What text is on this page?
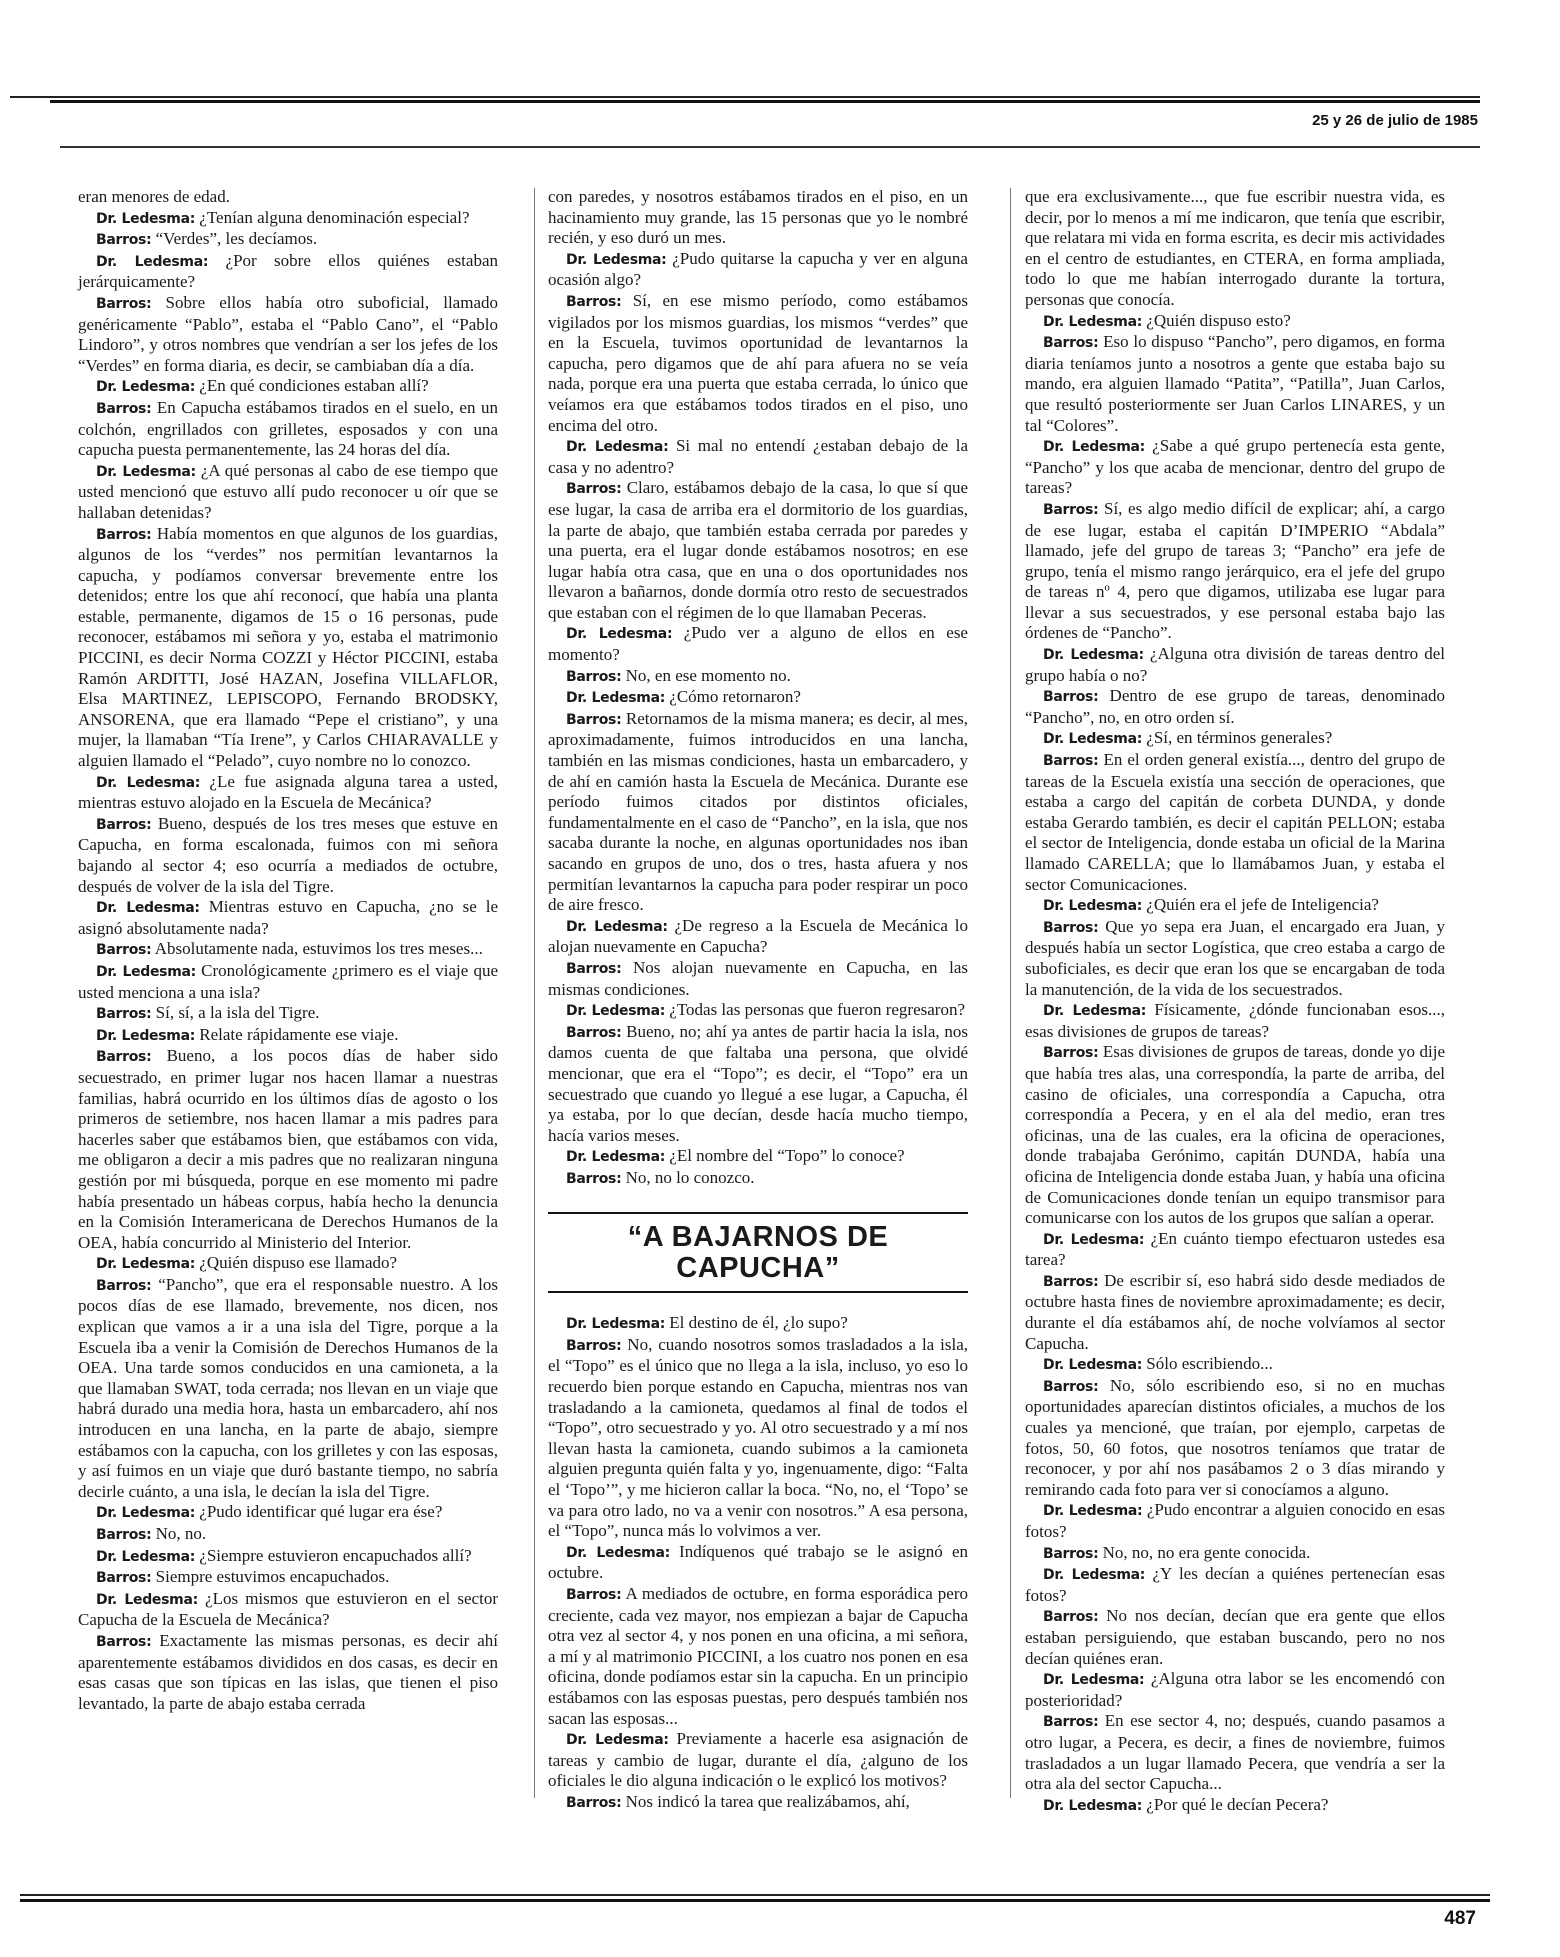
25 y 26 de julio de 1985

eran menores de edad.

Dr. Ledesma: ¿Tenían alguna denominación especial?

Barros: “Verdes”, les decíamos.

Dr. Ledesma: ¿Por sobre ellos quiénes estaban jerárquicamente?

Barros: Sobre ellos había otro suboficial, llamado genéricamente “Pablo”, estaba el “Pablo Cano”, el “Pablo Lindoro”, y otros nombres que vendrían a ser los jefes de los “Verdes” en forma diaria, es decir, se cambiaban día a día.

Dr. Ledesma: ¿En qué condiciones estaban allí?

Barros: En Capucha estábamos tirados en el suelo, en un colchón, engrillados con grilletes, esposados y con una capucha puesta permanentemente, las 24 horas del día.

Dr. Ledesma: ¿A qué personas al cabo de ese tiempo que usted mencionó que estuvo allí pudo reconocer u oír que se hallaban detenidas?

Barros: Había momentos en que algunos de los guardias, algunos de los “verdes” nos permitían levantarnos la capucha, y podíamos conversar brevemente entre los detenidos; entre los que ahí reconocí, que había una planta estable, permanente, digamos de 15 o 16 personas, pude reconocer, estábamos mi señora y yo, estaba el matrimonio PICCINI, es decir Norma COZZI y Héctor PICCINI, estaba Ramón ARDITTI, José HAZAN, Josefina VILLAFLOR, Elsa MARTINEZ, LEPISCOPO, Fernando BRODSKY, ANSORENA, que era llamado “Pepe el cristiano”, y una mujer, la llamaban “Tía Irene”, y Carlos CHIARAVALLE y alguien llamado el “Pelado”, cuyo nombre no lo conozco.

Dr. Ledesma: ¿Le fue asignada alguna tarea a usted, mientras estuvo alojado en la Escuela de Mecánica?

Barros: Bueno, después de los tres meses que estuve en Capucha, en forma escalonada, fuimos con mi señora bajando al sector 4; eso ocurría a mediados de octubre, después de volver de la isla del Tigre.

Dr. Ledesma: Mientras estuvo en Capucha, ¿no se le asignó absolutamente nada?

Barros: Absolutamente nada, estuvimos los tres meses...

Dr. Ledesma: Cronológicamente ¿primero es el viaje que usted menciona a una isla?

Barros: Sí, sí, a la isla del Tigre.

Dr. Ledesma: Relate rápidamente ese viaje.

Barros: Bueno, a los pocos días de haber sido secuestrado, en primer lugar nos hacen llamar a nuestras familias, habrá ocurrido en los últimos días de agosto o los primeros de setiembre, nos hacen llamar a mis padres para hacerles saber que estábamos bien, que estábamos con vida, me obligaron a decir a mis padres que no realizaran ninguna gestión por mi búsqueda, porque en ese momento mi padre había presentado un hábeas corpus, había hecho la denuncia en la Comisión Interamericana de Derechos Humanos de la OEA, había concurrido al Ministerio del Interior.

Dr. Ledesma: ¿Quién dispuso ese llamado?

Barros: “Pancho”, que era el responsable nuestro. A los pocos días de ese llamado, brevemente, nos dicen, nos explican que vamos a ir a una isla del Tigre, porque a la Escuela iba a venir la Comisión de Derechos Humanos de la OEA. Una tarde somos conducidos en una camioneta, a la que llamaban SWAT, toda cerrada; nos llevan en un viaje que habrá durado una media hora, hasta un embarcadero, ahí nos introducen en una lancha, en la parte de abajo, siempre estábamos con la capucha, con los grilletes y con las esposas, y así fuimos en un viaje que duró bastante tiempo, no sabría decirle cuánto, a una isla, le decían la isla del Tigre.

Dr. Ledesma: ¿Pudo identificar qué lugar era ése?

Barros: No, no.

Dr. Ledesma: ¿Siempre estuvieron encapuchados allí?

Barros: Siempre estuvimos encapuchados.

Dr. Ledesma: ¿Los mismos que estuvieron en el sector Capucha de la Escuela de Mecánica?

Barros: Exactamente las mismas personas, es decir ahí aparentemente estábamos divididos en dos casas, es decir en esas casas que son típicas en las islas, que tienen el piso levantado, la parte de abajo estaba cerrada

con paredes, y nosotros estábamos tirados en el piso, en un hacinamiento muy grande, las 15 personas que yo le nombré recién, y eso duró un mes.

Dr. Ledesma: ¿Pudo quitarse la capucha y ver en alguna ocasión algo?

Barros: Sí, en ese mismo período, como estábamos vigilados por los mismos guardias, los mismos “verdes” que en la Escuela, tuvimos oportunidad de levantarnos la capucha, pero digamos que de ahí para afuera no se veía nada, porque era una puerta que estaba cerrada, lo único que veíamos era que estábamos todos tirados en el piso, uno encima del otro.

Dr. Ledesma: Si mal no entendí ¿estaban debajo de la casa y no adentro?

Barros: Claro, estábamos debajo de la casa, lo que sí que ese lugar, la casa de arriba era el dormitorio de los guardias, la parte de abajo, que también estaba cerrada por paredes y una puerta, era el lugar donde estábamos nosotros; en ese lugar había otra casa, que en una o dos oportunidades nos llevaron a bañarnos, donde dormía otro resto de secuestrados que estaban con el régimen de lo que llamaban Peceras.

Dr. Ledesma: ¿Pudo ver a alguno de ellos en ese momento?

Barros: No, en ese momento no.

Dr. Ledesma: ¿Cómo retornaron?

Barros: Retornamos de la misma manera; es decir, al mes, aproximadamente, fuimos introducidos en una lancha, también en las mismas condiciones, hasta un embarcadero, y de ahí en camión hasta la Escuela de Mecánica. Durante ese período fuimos citados por distintos oficiales, fundamentalmente en el caso de “Pancho”, en la isla, que nos sacaba durante la noche, en algunas oportunidades nos iban sacando en grupos de uno, dos o tres, hasta afuera y nos permitían levantarnos la capucha para poder respirar un poco de aire fresco.

Dr. Ledesma: ¿De regreso a la Escuela de Mecánica lo alojan nuevamente en Capucha?

Barros: Nos alojan nuevamente en Capucha, en las mismas condiciones.

Dr. Ledesma: ¿Todas las personas que fueron regresaron?

Barros: Bueno, no; ahí ya antes de partir hacia la isla, nos damos cuenta de que faltaba una persona, que olvidé mencionar, que era el “Topo”; es decir, el “Topo” era un secuestrado que cuando yo llegué a ese lugar, a Capucha, él ya estaba, por lo que decían, desde hacía mucho tiempo, hacía varios meses.

Dr. Ledesma: ¿El nombre del “Topo” lo conoce?

Barros: No, no lo conozco.

“A BAJARNOS DE CAPUCHA”

Dr. Ledesma: El destino de él, ¿lo supo?

Barros: No, cuando nosotros somos trasladados a la isla, el “Topo” es el único que no llega a la isla, incluso, yo eso lo recuerdo bien porque estando en Capucha, mientras nos van trasladando a la camioneta, quedamos al final de todos el “Topo”, otro secuestrado y yo. Al otro secuestrado y a mí nos llevan hasta la camioneta, cuando subimos a la camioneta alguien pregunta quién falta y yo, ingenuamente, digo: “Falta el ‘Topo’”, y me hicieron callar la boca. “No, no, el ‘Topo’ se va para otro lado, no va a venir con nosotros.” A esa persona, el “Topo”, nunca más lo volvimos a ver.

Dr. Ledesma: Indíquenos qué trabajo se le asignó en octubre.

Barros: A mediados de octubre, en forma esporádica pero creciente, cada vez mayor, nos empiezan a bajar de Capucha otra vez al sector 4, y nos ponen en una oficina, a mi señora, a mí y al matrimonio PICCINI, a los cuatro nos ponen en esa oficina, donde podíamos estar sin la capucha. En un principio estábamos con las esposas puestas, pero después también nos sacan las esposas...

Dr. Ledesma: Previamente a hacerle esa asignación de tareas y cambio de lugar, durante el día, ¿alguno de los oficiales le dio alguna indicación o le explicó los motivos?

Barros: Nos indicó la tarea que realizábamos, ahí,

que era exclusivamente..., que fue escribir nuestra vida, es decir, por lo menos a mí me indicaron, que tenía que escribir, que relatara mi vida en forma escrita, es decir mis actividades en el centro de estudiantes, en CTERA, en forma ampliada, todo lo que me habían interrogado durante la tortura, personas que conocía.

Dr. Ledesma: ¿Quién dispuso esto?

Barros: Eso lo dispuso “Pancho”, pero digamos, en forma diaria teníamos junto a nosotros a gente que estaba bajo su mando, era alguien llamado “Patita”, “Patilla”, Juan Carlos, que resultó posteriormente ser Juan Carlos LINARES, y un tal “Colores”.

Dr. Ledesma: ¿Sabe a qué grupo pertenecía esta gente, “Pancho” y los que acaba de mencionar, dentro del grupo de tareas?

Barros: Sí, es algo medio difícil de explicar; ahí, a cargo de ese lugar, estaba el capitán D’IMPERIO “Abdala” llamado, jefe del grupo de tareas 3; “Pancho” era jefe de grupo, tenía el mismo rango jerárquico, era el jefe del grupo de tareas nº 4, pero que digamos, utilizaba ese lugar para llevar a sus secuestrados, y ese personal estaba bajo las órdenes de “Pancho”.

Dr. Ledesma: ¿Alguna otra división de tareas dentro del grupo había o no?

Barros: Dentro de ese grupo de tareas, denominado “Pancho”, no, en otro orden sí.

Dr. Ledesma: ¿Sí, en términos generales?

Barros: En el orden general existía..., dentro del grupo de tareas de la Escuela existía una sección de operaciones, que estaba a cargo del capitán de corbeta DUNDA, y donde estaba Gerardo también, es decir el capitán PELLON; estaba el sector de Inteligencia, donde estaba un oficial de la Marina llamado CARELLA; que lo llamábamos Juan, y estaba el sector Comunicaciones.

Dr. Ledesma: ¿Quién era el jefe de Inteligencia?

Barros: Que yo sepa era Juan, el encargado era Juan, y después había un sector Logística, que creo estaba a cargo de suboficiales, es decir que eran los que se encargaban de toda la manutención, de la vida de los secuestrados.

Dr. Ledesma: Físicamente, ¿dónde funcionaban esos..., esas divisiones de grupos de tareas?

Barros: Esas divisiones de grupos de tareas, donde yo dije que había tres alas, una correspondía, la parte de arriba, del casino de oficiales, una correspondía a Capucha, otra correspondía a Pecera, y en el ala del medio, eran tres oficinas, una de las cuales, era la oficina de operaciones, donde trabajaba Gerónimo, capitán DUNDA, había una oficina de Inteligencia donde estaba Juan, y había una oficina de Comunicaciones donde tenían un equipo transmisor para comunicarse con los autos de los grupos que salían a operar.

Dr. Ledesma: ¿En cuánto tiempo efectuaron ustedes esa tarea?

Barros: De escribir sí, eso habrá sido desde mediados de octubre hasta fines de noviembre aproximadamente; es decir, durante el día estábamos ahí, de noche volvíamos al sector Capucha.

Dr. Ledesma: Sólo escribiendo...

Barros: No, sólo escribiendo eso, si no en muchas oportunidades aparecían distintos oficiales, a muchos de los cuales ya mencioné, que traían, por ejemplo, carpetas de fotos, 50, 60 fotos, que nosotros teníamos que tratar de reconocer, y por ahí nos pasábamos 2 o 3 días mirando y remirando cada foto para ver si conocíamos a alguno.

Dr. Ledesma: ¿Pudo encontrar a alguien conocido en esas fotos?

Barros: No, no, no era gente conocida.

Dr. Ledesma: ¿Y les decían a quiénes pertenecían esas fotos?

Barros: No nos decían, decían que era gente que ellos estaban persiguiendo, que estaban buscando, pero no nos decían quiénes eran.

Dr. Ledesma: ¿Alguna otra labor se les encomendó con posterioridad?

Barros: En ese sector 4, no; después, cuando pasamos a otro lugar, a Pecera, es decir, a fines de noviembre, fuimos trasladados a un lugar llamado Pecera, que vendría a ser la otra ala del sector Capucha...

Dr. Ledesma: ¿Por qué le decían Pecera?

487
